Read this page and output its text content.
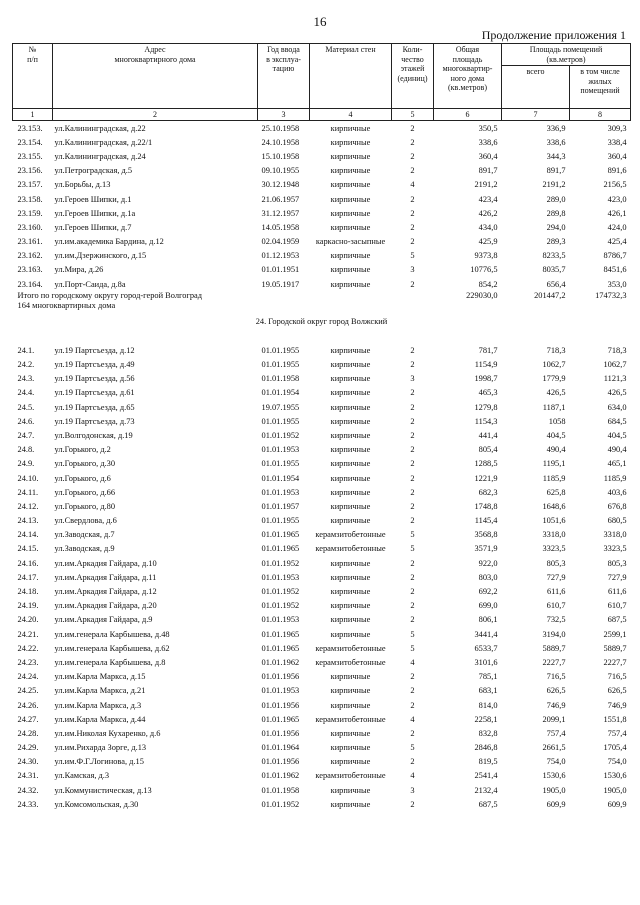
16
Продолжение приложения 1
№
п/п	Адрес
многоквартирного дома	Год ввода
в эксплуа-
тацию	Материал стен	Коли-
чество
этажей
(единиц)	Общая
площадь
многоквартир-
ного дома
(кв.метров)	Площадь помещений
(кв.метров)	
						всего	в том числе
жилых
помещений
1	2	3	4	5	6	7	8
23.153.	ул.Калининградская, д.22	25.10.1958	кирпичные	2	350,5	336,9	309,3
23.154.	ул.Калининградская, д.22/1	24.10.1958	кирпичные	2	338,6	338,6	338,4
23.155.	ул.Калининградская, д.24	15.10.1958	кирпичные	2	360,4	344,3	360,4
23.156.	ул.Петроградская, д.5	09.10.1955	кирпичные	2	891,7	891,7	891,6
23.157.	ул.Борьбы, д.13	30.12.1948	кирпичные	4	2191,2	2191,2	2156,5
23.158.	ул.Героев Шипки, д.1	21.06.1957	кирпичные	2	423,4	289,0	423,0
23.159.	ул.Героев Шипки, д.1а	31.12.1957	кирпичные	2	426,2	289,8	426,1
23.160.	ул.Героев Шипки, д.7	14.05.1958	кирпичные	2	434,0	294,0	424,0
23.161.	ул.им.академика Бардина, д.12	02.04.1959	каркасно-засыпные	2	425,9	289,3	425,4
23.162.	ул.им.Дзержинского, д.15	01.12.1953	кирпичные	5	9373,8	8233,5	8786,7
23.163.	ул.Мира, д.26	01.01.1951	кирпичные	3	10776,5	8035,7	8451,6
23.164.	ул.Порт-Саида, д.8а	19.05.1917	кирпичные	2	854,2	656,4	353,0
Итого по городскому округу город-герой Волгоград
164 многоквартирных дома					229030,0	201447,2	174732,3
24. Городской округ город Волжский							

24.1.	ул.19 Партсъезда, д.12	01.01.1955	кирпичные	2	781,7	718,3	718,3
24.2.	ул.19 Партсъезда, д.49	01.01.1955	кирпичные	2	1154,9	1062,7	1062,7
24.3.	ул.19 Партсъезда, д.56	01.01.1958	кирпичные	3	1998,7	1779,9	1121,3
24.4.	ул.19 Партсъезда, д.61	01.01.1954	кирпичные	2	465,3	426,5	426,5
24.5.	ул.19 Партсъезда, д.65	19.07.1955	кирпичные	2	1279,8	1187,1	634,0
24.6.	ул.19 Партсъезда, д.73	01.01.1955	кирпичные	2	1154,3	1058	684,5
24.7.	ул.Волгодонская, д.19	01.01.1952	кирпичные	2	441,4	404,5	404,5
24.8.	ул.Горького, д.2	01.01.1953	кирпичные	2	805,4	490,4	490,4
24.9.	ул.Горького, д.30	01.01.1955	кирпичные	2	1288,5	1195,1	465,1
24.10.	ул.Горького, д.6	01.01.1954	кирпичные	2	1221,9	1185,9	1185,9
24.11.	ул.Горького, д.66	01.01.1953	кирпичные	2	682,3	625,8	403,6
24.12.	ул.Горького, д.80	01.01.1957	кирпичные	2	1748,8	1648,6	676,8
24.13.	ул.Свердлова, д.6	01.01.1955	кирпичные	2	1145,4	1051,6	680,5
24.14.	ул.Заводская, д.7	01.01.1965	керамзитобетонные	5	3568,8	3318,0	3318,0
24.15.	ул.Заводская, д.9	01.01.1965	керамзитобетонные	5	3571,9	3323,5	3323,5
24.16.	ул.им.Аркадия Гайдара, д.10	01.01.1952	кирпичные	2	922,0	805,3	805,3
24.17.	ул.им.Аркадия Гайдара, д.11	01.01.1953	кирпичные	2	803,0	727,9	727,9
24.18.	ул.им.Аркадия Гайдара, д.12	01.01.1952	кирпичные	2	692,2	611,6	611,6
24.19.	ул.им.Аркадия Гайдара, д.20	01.01.1952	кирпичные	2	699,0	610,7	610,7
24.20.	ул.им.Аркадия Гайдара, д.9	01.01.1953	кирпичные	2	806,1	732,5	687,5
24.21.	ул.им.генерала Карбышева, д.48	01.01.1965	кирпичные	5	3441,4	3194,0	2599,1
24.22.	ул.им.генерала Карбышева, д.62	01.01.1965	керамзитобетонные	5	6533,7	5889,7	5889,7
24.23.	ул.им.генерала Карбышева, д.8	01.01.1962	керамзитобетонные	4	3101,6	2227,7	2227,7
24.24.	ул.им.Карла Маркса, д.15	01.01.1956	кирпичные	2	785,1	716,5	716,5
24.25.	ул.им.Карла Маркса, д.21	01.01.1953	кирпичные	2	683,1	626,5	626,5
24.26.	ул.им.Карла Маркса, д.3	01.01.1956	кирпичные	2	814,0	746,9	746,9
24.27.	ул.им.Карла Маркса, д.44	01.01.1965	керамзитобетонные	4	2258,1	2099,1	1551,8
24.28.	ул.им.Николая Кухаренко, д.6	01.01.1956	кирпичные	2	832,8	757,4	757,4
24.29.	ул.им.Рихарда Зорге, д.13	01.01.1964	кирпичные	5	2846,8	2661,5	1705,4
24.30.	ул.им.Ф.Г.Логинова, д.15	01.01.1956	кирпичные	2	819,5	754,0	754,0
24.31.	ул.Камская, д.3	01.01.1962	керамзитобетонные	4	2541,4	1530,6	1530,6
24.32.	ул.Коммунистическая, д.13	01.01.1958	кирпичные	3	2132,4	1905,0	1905,0
24.33.	ул.Комсомольская, д.30	01.01.1952	кирпичные	2	687,5	609,9	609,9
